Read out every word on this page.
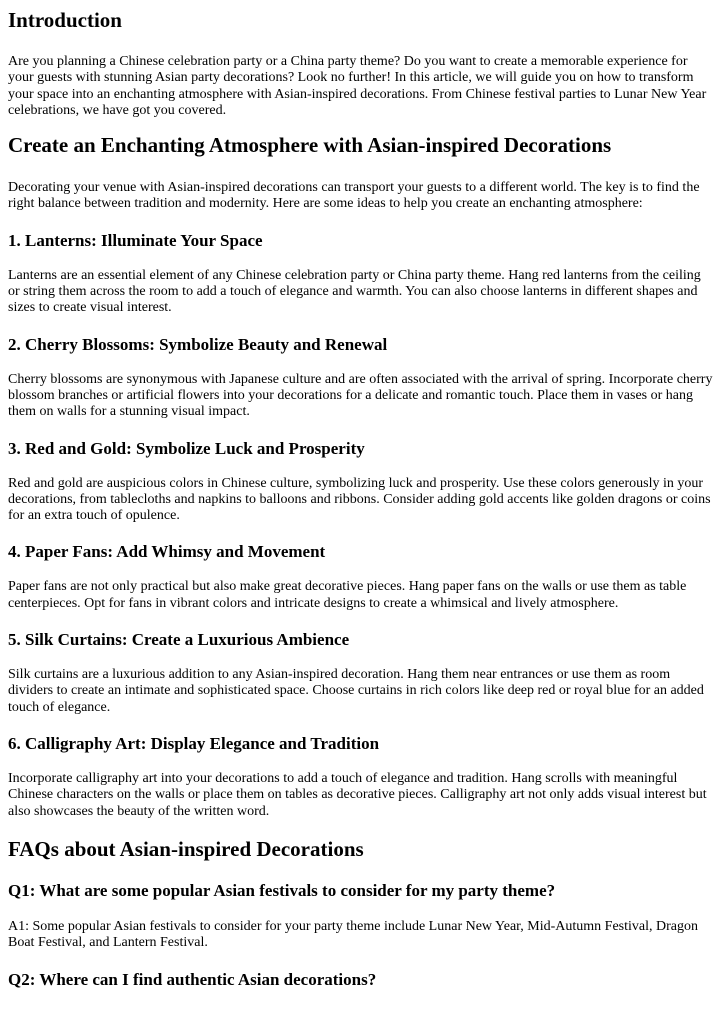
Introduction

Are you planning a Chinese celebration party or a China party theme? Do you want to create a memorable experience for your guests with stunning Asian party decorations? Look no further! In this article, we will guide you on how to transform your space into an enchanting atmosphere with Asian-inspired decorations. From Chinese festival parties to Lunar New Year celebrations, we have got you covered.

Create an Enchanting Atmosphere with Asian-inspired Decorations

Decorating your venue with Asian-inspired decorations can transport your guests to a different world. The key is to find the right balance between tradition and modernity. Here are some ideas to help you create an enchanting atmosphere:

1. Lanterns: Illuminate Your Space

Lanterns are an essential element of any Chinese celebration party or China party theme. Hang red lanterns from the ceiling or string them across the room to add a touch of elegance and warmth. You can also choose lanterns in different shapes and sizes to create visual interest.

2. Cherry Blossoms: Symbolize Beauty and Renewal

Cherry blossoms are synonymous with Japanese culture and are often associated with the arrival of spring. Incorporate cherry blossom branches or artificial flowers into your decorations for a delicate and romantic touch. Place them in vases or hang them on walls for a stunning visual impact.

3. Red and Gold: Symbolize Luck and Prosperity

Red and gold are auspicious colors in Chinese culture, symbolizing luck and prosperity. Use these colors generously in your decorations, from tablecloths and napkins to balloons and ribbons. Consider adding gold accents like golden dragons or coins for an extra touch of opulence.

4. Paper Fans: Add Whimsy and Movement

Paper fans are not only practical but also make great decorative pieces. Hang paper fans on the walls or use them as table centerpieces. Opt for fans in vibrant colors and intricate designs to create a whimsical and lively atmosphere.

5. Silk Curtains: Create a Luxurious Ambience

Silk curtains are a luxurious addition to any Asian-inspired decoration. Hang them near entrances or use them as room dividers to create an intimate and sophisticated space. Choose curtains in rich colors like deep red or royal blue for an added touch of elegance.

6. Calligraphy Art: Display Elegance and Tradition

Incorporate calligraphy art into your decorations to add a touch of elegance and tradition. Hang scrolls with meaningful Chinese characters on the walls or place them on tables as decorative pieces. Calligraphy art not only adds visual interest but also showcases the beauty of the written word.

FAQs about Asian-inspired Decorations
Q1: What are some popular Asian festivals to consider for my party theme?

A1: Some popular Asian festivals to consider for your party theme include Lunar New Year, Mid-Autumn Festival, Dragon Boat Festival, and Lantern Festival.

Q2: Where can I find authentic Asian decorations?
